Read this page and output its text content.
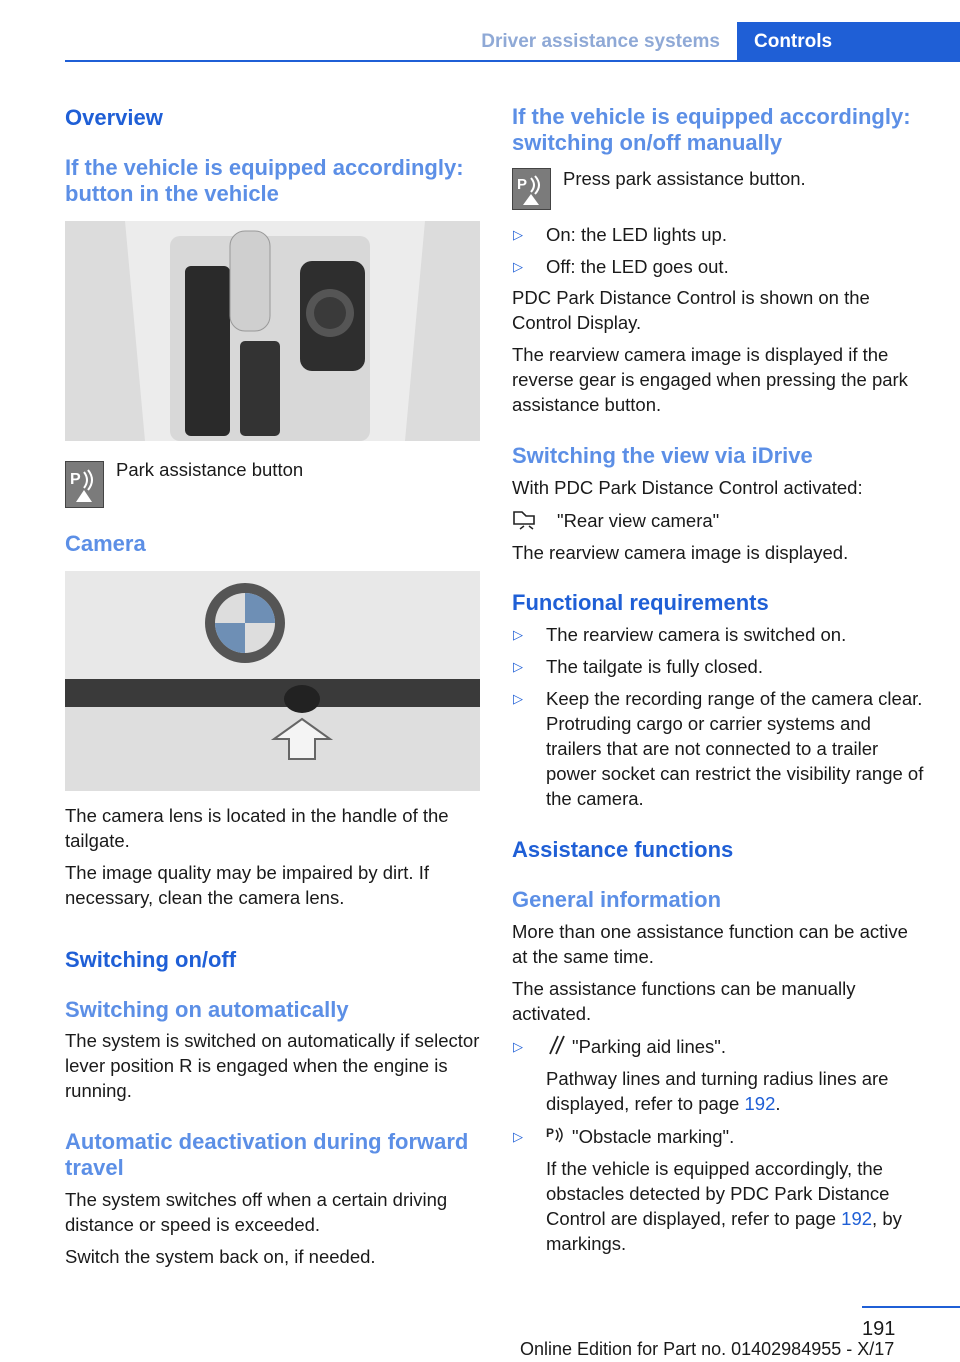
Driver assistance systems	Controls
Overview
If the vehicle is equipped accordingly: button in the vehicle
P Park assistance button
Camera
The camera lens is located in the handle of the tailgate.
The image quality may be impaired by dirt. If necessary, clean the camera lens.
Switching on/off
Switching on automatically
The system is switched on automatically if selector lever position R is engaged when the engine is running.
Automatic deactivation during forward travel
The system switches off when a certain driving distance or speed is exceeded.
Switch the system back on, if needed.
If the vehicle is equipped accordingly: switching on/off manually
P Press park assistance button.
▷ On: the LED lights up.
▷ Off: the LED goes out.
PDC Park Distance Control is shown on the Control Display.
The rearview camera image is displayed if the reverse gear is engaged when pressing the park assistance button.
Switching the view via iDrive
With PDC Park Distance Control activated:
"Rear view camera"
The rearview camera image is displayed.
Functional requirements
▷ The rearview camera is switched on.
▷ The tailgate is fully closed.
▷ Keep the recording range of the camera clear. Protruding cargo or carrier systems and trailers that are not connected to a trailer power socket can restrict the visibility range of the camera.
Assistance functions
General information
More than one assistance function can be active at the same time.
The assistance functions can be manually activated.
▷	"Parking aid lines".
Pathway lines and turning radius lines are displayed, refer to page 192.
▷ P "Obstacle marking".
If the vehicle is equipped accordingly, the obstacles detected by PDC Park Distance Control are displayed, refer to page 192, by markings.
191
Online Edition for Part no. 01402984955 - X/17
